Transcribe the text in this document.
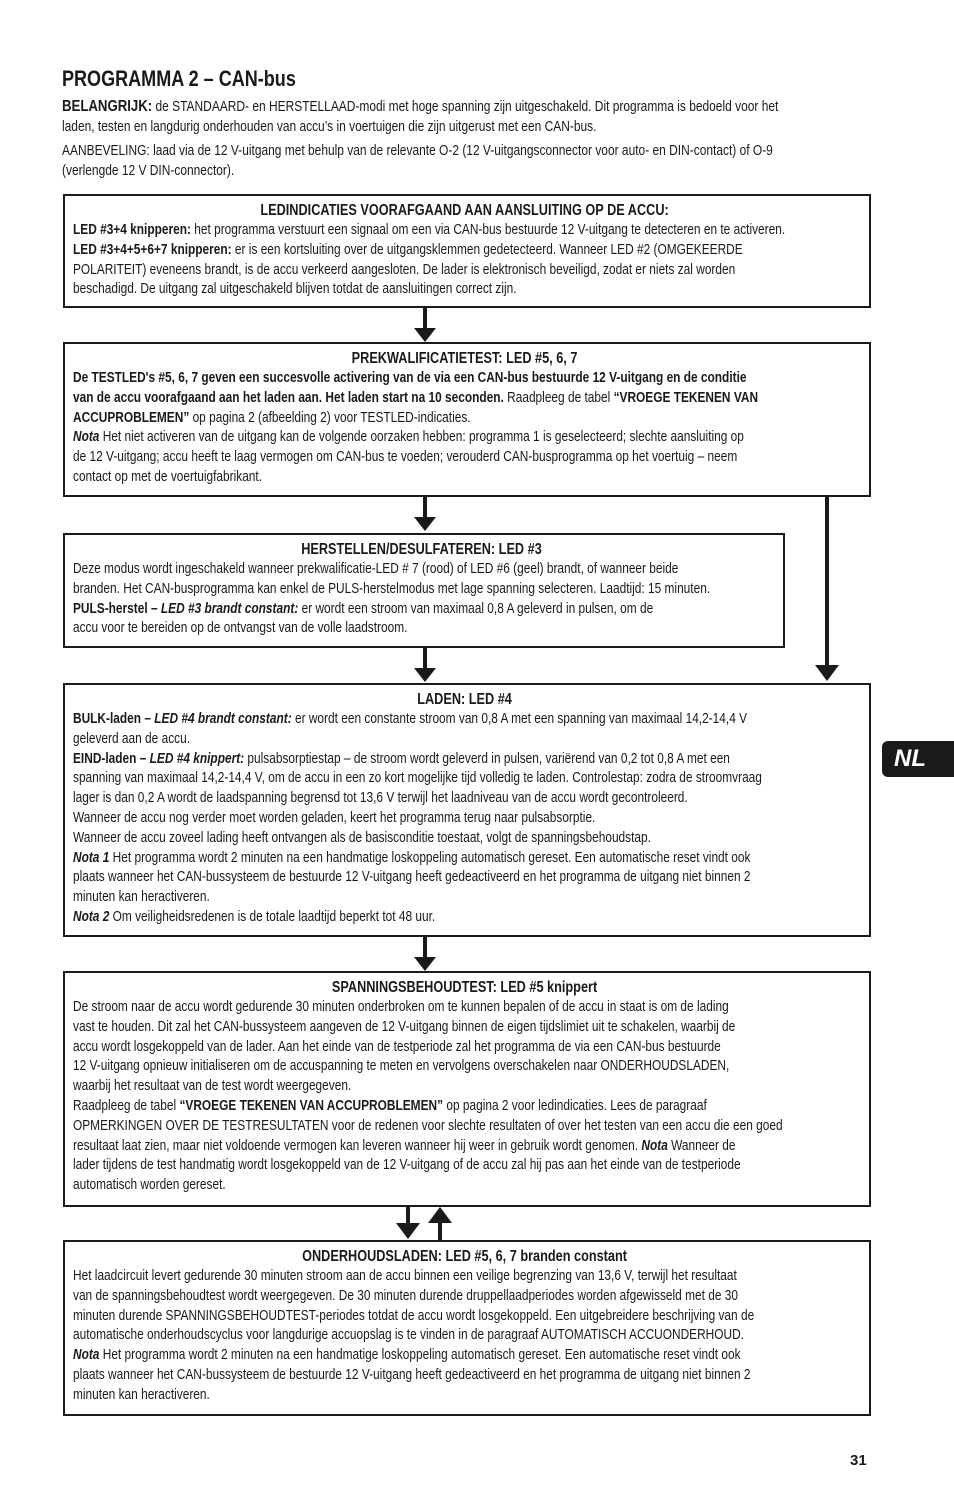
PROGRAMMA 2 – CAN-bus
BELANGRIJK: de STANDAARD- en HERSTELLAAD-modi met hoge spanning zijn uitgeschakeld. Dit programma is bedoeld voor het
laden, testen en langdurig onderhouden van accu’s in voertuigen die zijn uitgerust met een CAN-bus.
AANBEVELING: laad via de 12 V-uitgang met behulp van de relevante O-2 (12 V-uitgangsconnector voor auto- en DIN-contact) of O-9
(verlengde 12 V DIN-connector).
LEDINDICATIES VOORAFGAAND AAN AANSLUITING OP DE ACCU:

LED #3+4 knipperen: het programma verstuurt een signaal om een via CAN-bus bestuurde 12 V-uitgang te detecteren en te activeren.

LED #3+4+5+6+7 knipperen: er is een kortsluiting over de uitgangsklemmen gedetecteerd. Wanneer LED #2 (OMGEKEERDE

POLARITEIT) eveneens brandt, is de accu verkeerd aangesloten. De lader is elektronisch beveiligd, zodat er niets zal worden

beschadigd. De uitgang zal uitgeschakeld blijven totdat de aansluitingen correct zijn.

PREKWALIFICATIETEST: LED #5, 6, 7

De TESTLED's #5, 6, 7 geven een succesvolle activering van de via een CAN-bus bestuurde 12 V-uitgang en de conditie

van de accu voorafgaand aan het laden aan. Het laden start na 10 seconden. Raadpleeg de tabel “VROEGE TEKENEN VAN

ACCUPROBLEMEN” op pagina 2 (afbeelding 2) voor TESTLED-indicaties.

Nota Het niet activeren van de uitgang kan de volgende oorzaken hebben: programma 1 is geselecteerd; slechte aansluiting op

de 12 V-uitgang; accu heeft te laag vermogen om CAN-bus te voeden; verouderd CAN-busprogramma op het voertuig – neem

contact op met de voertuigfabrikant.

HERSTELLEN/DESULFATEREN: LED #3

Deze modus wordt ingeschakeld wanneer prekwalificatie-LED # 7 (rood) of LED #6 (geel) brandt, of wanneer beide

branden. Het CAN-busprogramma kan enkel de PULS-herstelmodus met lage spanning selecteren. Laadtijd: 15 minuten.

PULS-herstel – LED #3 brandt constant: er wordt een stroom van maximaal 0,8 A geleverd in pulsen, om de

accu voor te bereiden op de ontvangst van de volle laadstroom.

LADEN: LED #4

BULK-laden – LED #4 brandt constant: er wordt een constante stroom van 0,8 A met een spanning van maximaal 14,2-14,4 V

geleverd aan de accu.

EIND-laden – LED #4 knippert: pulsabsorptiestap – de stroom wordt geleverd in pulsen, variërend van 0,2 tot 0,8 A met een

spanning van maximaal 14,2-14,4 V, om de accu in een zo kort mogelijke tijd volledig te laden. Controlestap: zodra de stroomvraag

lager is dan 0,2 A wordt de laadspanning begrensd tot 13,6 V terwijl het laadniveau van de accu wordt gecontroleerd.

Wanneer de accu nog verder moet worden geladen, keert het programma terug naar pulsabsorptie.

Wanneer de accu zoveel lading heeft ontvangen als de basisconditie toestaat, volgt de spanningsbehoudstap.

Nota 1 Het programma wordt 2 minuten na een handmatige loskoppeling automatisch gereset. Een automatische reset vindt ook

plaats wanneer het CAN-bussysteem de bestuurde 12 V-uitgang heeft gedeactiveerd en het programma de uitgang niet binnen 2

minuten kan heractiveren.

Nota 2 Om veiligheidsredenen is de totale laadtijd beperkt tot 48 uur.

SPANNINGSBEHOUDTEST: LED #5 knippert

De stroom naar de accu wordt gedurende 30 minuten onderbroken om te kunnen bepalen of de accu in staat is om de lading

vast te houden. Dit zal het CAN-bussysteem aangeven de 12 V-uitgang binnen de eigen tijdslimiet uit te schakelen, waarbij de

accu wordt losgekoppeld van de lader. Aan het einde van de testperiode zal het programma de via een CAN-bus bestuurde

12 V-uitgang opnieuw initialiseren om de accuspanning te meten en vervolgens overschakelen naar ONDERHOUDSLADEN,

waarbij het resultaat van de test wordt weergegeven.

Raadpleeg de tabel “VROEGE TEKENEN VAN ACCUPROBLEMEN” op pagina 2 voor ledindicaties. Lees de paragraaf

OPMERKINGEN OVER DE TESTRESULTATEN voor de redenen voor slechte resultaten of over het testen van een accu die een goed

resultaat laat zien, maar niet voldoende vermogen kan leveren wanneer hij weer in gebruik wordt genomen. Nota Wanneer de

lader tijdens de test handmatig wordt losgekoppeld van de 12 V-uitgang of de accu zal hij pas aan het einde van de testperiode

automatisch worden gereset.

ONDERHOUDSLADEN: LED #5, 6, 7 branden constant

Het laadcircuit levert gedurende 30 minuten stroom aan de accu binnen een veilige begrenzing van 13,6 V, terwijl het resultaat

van de spanningsbehoudtest wordt weergegeven. De 30 minuten durende druppellaadperiodes worden afgewisseld met de 30

minuten durende SPANNINGSBEHOUDTEST-periodes totdat de accu wordt losgekoppeld. Een uitgebreidere beschrijving van de

automatische onderhoudscyclus voor langdurige accuopslag is te vinden in de paragraaf AUTOMATISCH ACCUONDERHOUD.

Nota Het programma wordt 2 minuten na een handmatige loskoppeling automatisch gereset. Een automatische reset vindt ook

plaats wanneer het CAN-bussysteem de bestuurde 12 V-uitgang heeft gedeactiveerd en het programma de uitgang niet binnen 2

minuten kan heractiveren.

NL
31
